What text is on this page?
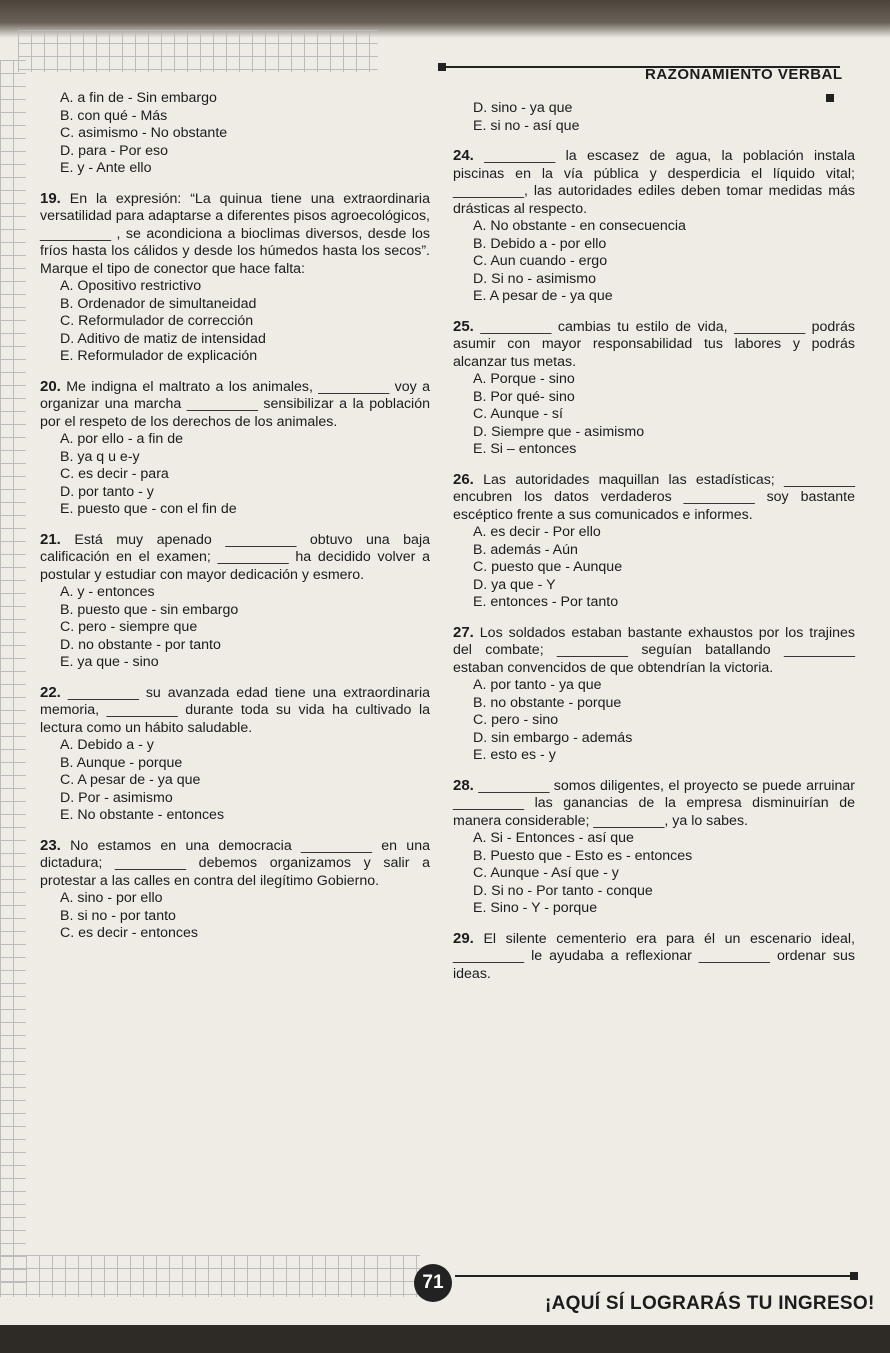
RAZONAMIENTO VERBAL
A. a fin de - Sin embargo
B. con qué - Más
C. asimismo - No obstante
D. para - Por eso
E. y - Ante ello

19. En la expresión: “La quinua tiene una extraordinaria versatilidad para adaptarse a diferentes pisos agroecológicos, _________ , se acondiciona a bioclimas diversos, desde los fríos hasta los cálidos y desde los húmedos hasta los secos”. Marque el tipo de conector que hace falta:

A. Opositivo restrictivo
B. Ordenador de simultaneidad
C. Reformulador de corrección
D. Aditivo de matiz de intensidad
E. Reformulador de explicación

20. Me indigna el maltrato a los animales, _________ voy a organizar una marcha _________ sensibilizar a la población por el respeto de los derechos de los animales.

A. por ello - a fin de
B. ya q u e-y
C. es decir - para
D. por tanto - y
E. puesto que - con el fin de

21. Está muy apenado _________ obtuvo una baja calificación en el examen; _________ ha decidido volver a postular y estudiar con mayor dedicación y esmero.

A. y - entonces
B. puesto que - sin embargo
C. pero - siempre que
D. no obstante - por tanto
E. ya que - sino

22. _________ su avanzada edad tiene una extraordinaria memoria, _________ durante toda su vida ha cultivado la lectura como un hábito saludable.

A. Debido a - y
B. Aunque - porque
C. A pesar de - ya que
D. Por - asimismo
E. No obstante - entonces

23. No estamos en una democracia _________ en una dictadura; _________ debemos organizamos y salir a protestar a las calles en contra del ilegítimo Gobierno.

A. sino - por ello
B. si no - por tanto
C. es decir - entonces
D. sino - ya que
E. si no - así que

24. _________ la escasez de agua, la población instala piscinas en la vía pública y desperdicia el líquido vital; _________, las autoridades ediles deben tomar medidas más drásticas al respecto.

A. No obstante - en consecuencia
B. Debido a - por ello
C. Aun cuando - ergo
D. Si no - asimismo
E. A pesar de - ya que

25. _________ cambias tu estilo de vida, _________ podrás asumir con mayor responsabilidad tus labores y podrás alcanzar tus metas.

A. Porque - sino
B. Por qué- sino
C. Aunque - sí
D. Siempre que - asimismo
E. Si – entonces

26. Las autoridades maquillan las estadísticas; _________ encubren los datos verdaderos _________ soy bastante escéptico frente a sus comunicados e informes.

A. es decir - Por ello
B. además - Aún
C. puesto que - Aunque
D. ya que - Y
E. entonces - Por tanto

27. Los soldados estaban bastante exhaustos por los trajines del combate; _________ seguían batallando _________ estaban convencidos de que obtendrían la victoria.

A. por tanto - ya que
B. no obstante - porque
C. pero - sino
D. sin embargo - además
E. esto es - y

28. _________ somos diligentes, el proyecto se puede arruinar _________ las ganancias de la empresa disminuirían de manera considerable; _________, ya lo sabes.

A. Si - Entonces - así que
B. Puesto que - Esto es - entonces
C. Aunque - Así que - y
D. Si no - Por tanto - conque
E. Sino - Y - porque

29. El silente cementerio era para él un escenario ideal, _________ le ayudaba a reflexionar _________ ordenar sus ideas.

71
¡AQUÍ SÍ LOGRARÁS TU INGRESO!
